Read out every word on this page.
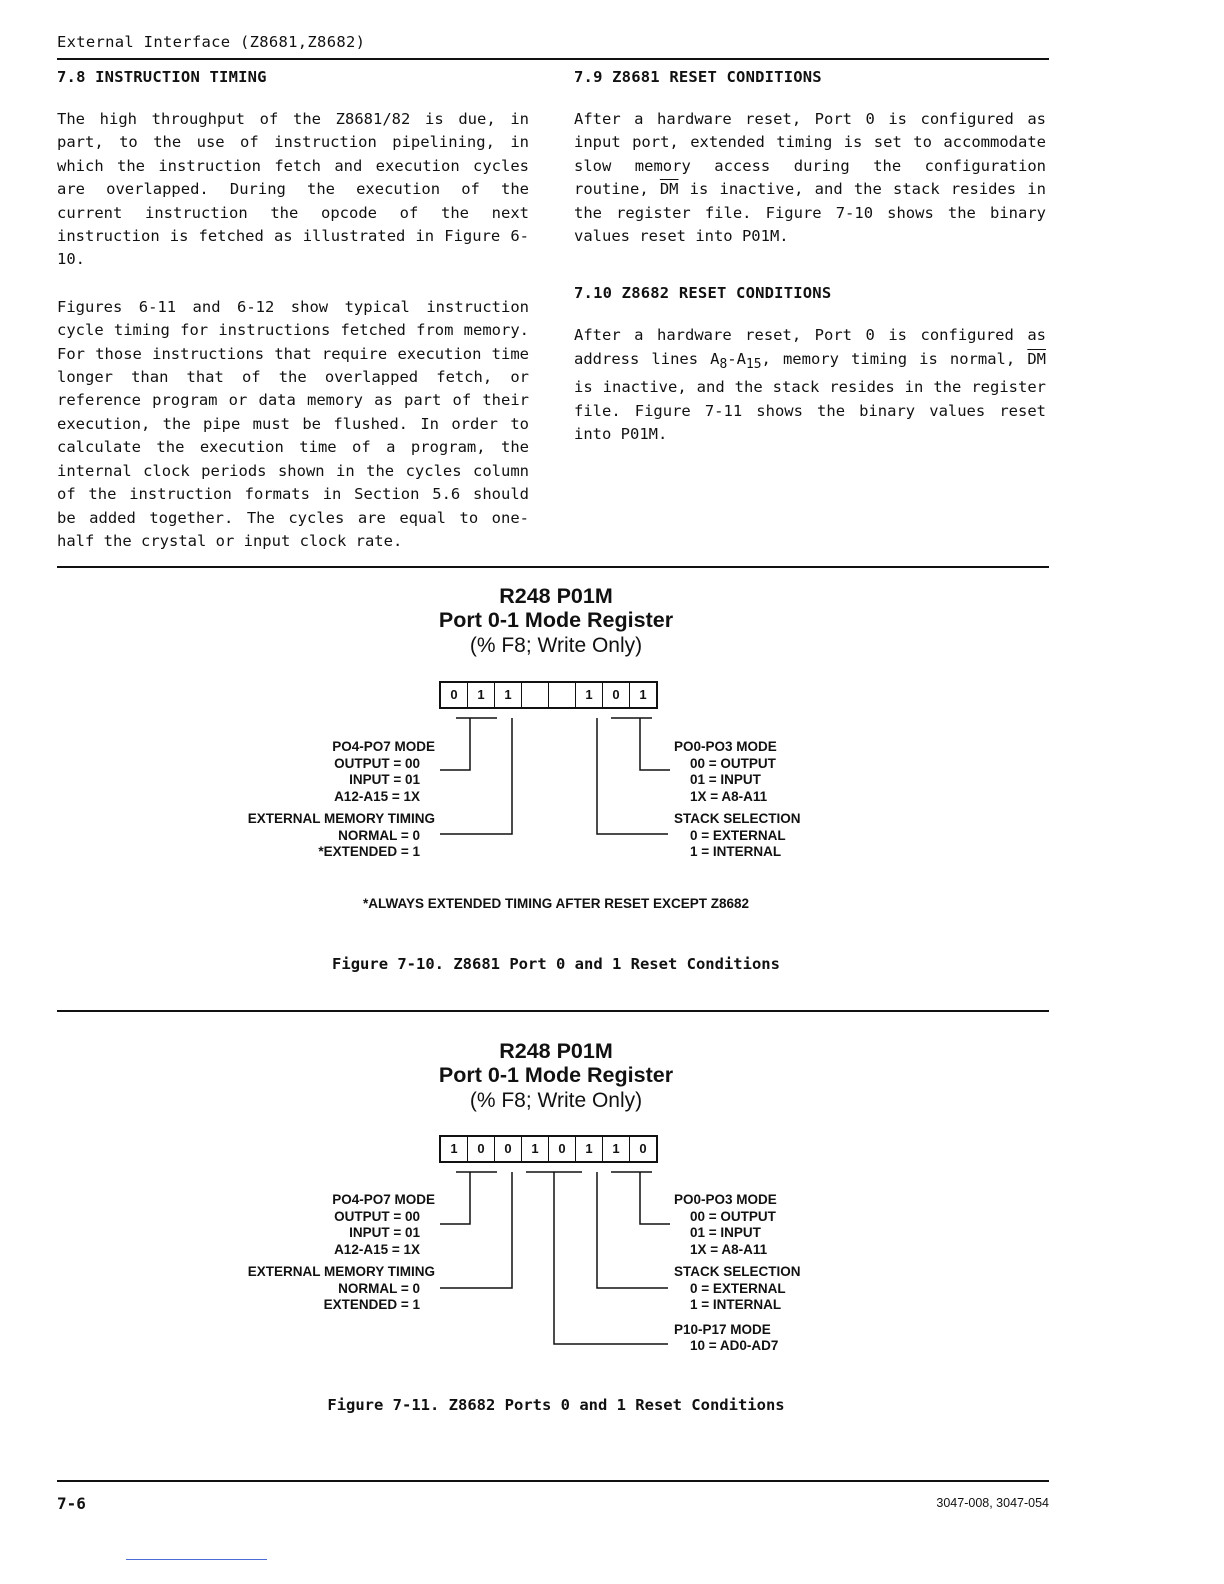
External Interface (Z8681,Z8682)
7.8 INSTRUCTION TIMING

The high throughput of the Z8681/82 is due, in part, to the use of instruction pipelining, in which the instruction fetch and execution cycles are overlapped. During the execution of the current instruction the opcode of the next instruction is fetched as illustrated in Figure 6-10.

Figures 6-11 and 6-12 show typical instruction cycle timing for instructions fetched from memory. For those instructions that require execution time longer than that of the overlapped fetch, or reference program or data memory as part of their execution, the pipe must be flushed. In order to calculate the execution time of a program, the internal clock periods shown in the cycles column of the instruction formats in Section 5.6 should be added together. The cycles are equal to one-half the crystal or input clock rate.

7.9 Z8681 RESET CONDITIONS

After a hardware reset, Port 0 is configured as input port, extended timing is set to accommodate slow memory access during the configuration routine, $\overline{DM}$ is inactive, and the stack resides in the register file. Figure 7-10 shows the binary values reset into P01M.

7.10 Z8682 RESET CONDITIONS

After a hardware reset, Port 0 is configured as address lines $A_8-A_{15}$, memory timing is normal, $\overline{DM}$ is inactive, and the stack resides in the register file. Figure 7-11 shows the binary values reset into P01M.

R248 P01M
Port 0-1 Mode Register
(% F8; Write Only)
0	1	1	1	0	1
PO4-PO7 MODE
OUTPUT = 00
INPUT = 01
A12-A15 = 1X
EXTERNAL MEMORY TIMING
NORMAL = 0
*EXTENDED = 1
PO0-PO3 MODE
00 = OUTPUT
01 = INPUT
1X = A8-A11
STACK SELECTION
0 = EXTERNAL
1 = INTERNAL
*ALWAYS EXTENDED TIMING AFTER RESET EXCEPT Z8682
Figure 7-10. Z8681 Port 0 and 1 Reset Conditions
R248 P01M
Port 0-1 Mode Register
(% F8; Write Only)
1	0	0	1	0	1	1	0
PO4-PO7 MODE
OUTPUT = 00
INPUT = 01
A12-A15 = 1X
EXTERNAL MEMORY TIMING
NORMAL = 0
EXTENDED = 1
PO0-PO3 MODE
00 = OUTPUT
01 = INPUT
1X = A8-A11
STACK SELECTION
0 = EXTERNAL
1 = INTERNAL
P10-P17 MODE
10 = AD0-AD7
Figure 7-11. Z8682 Ports 0 and 1 Reset Conditions
7-6	3047-008, 3047-054
